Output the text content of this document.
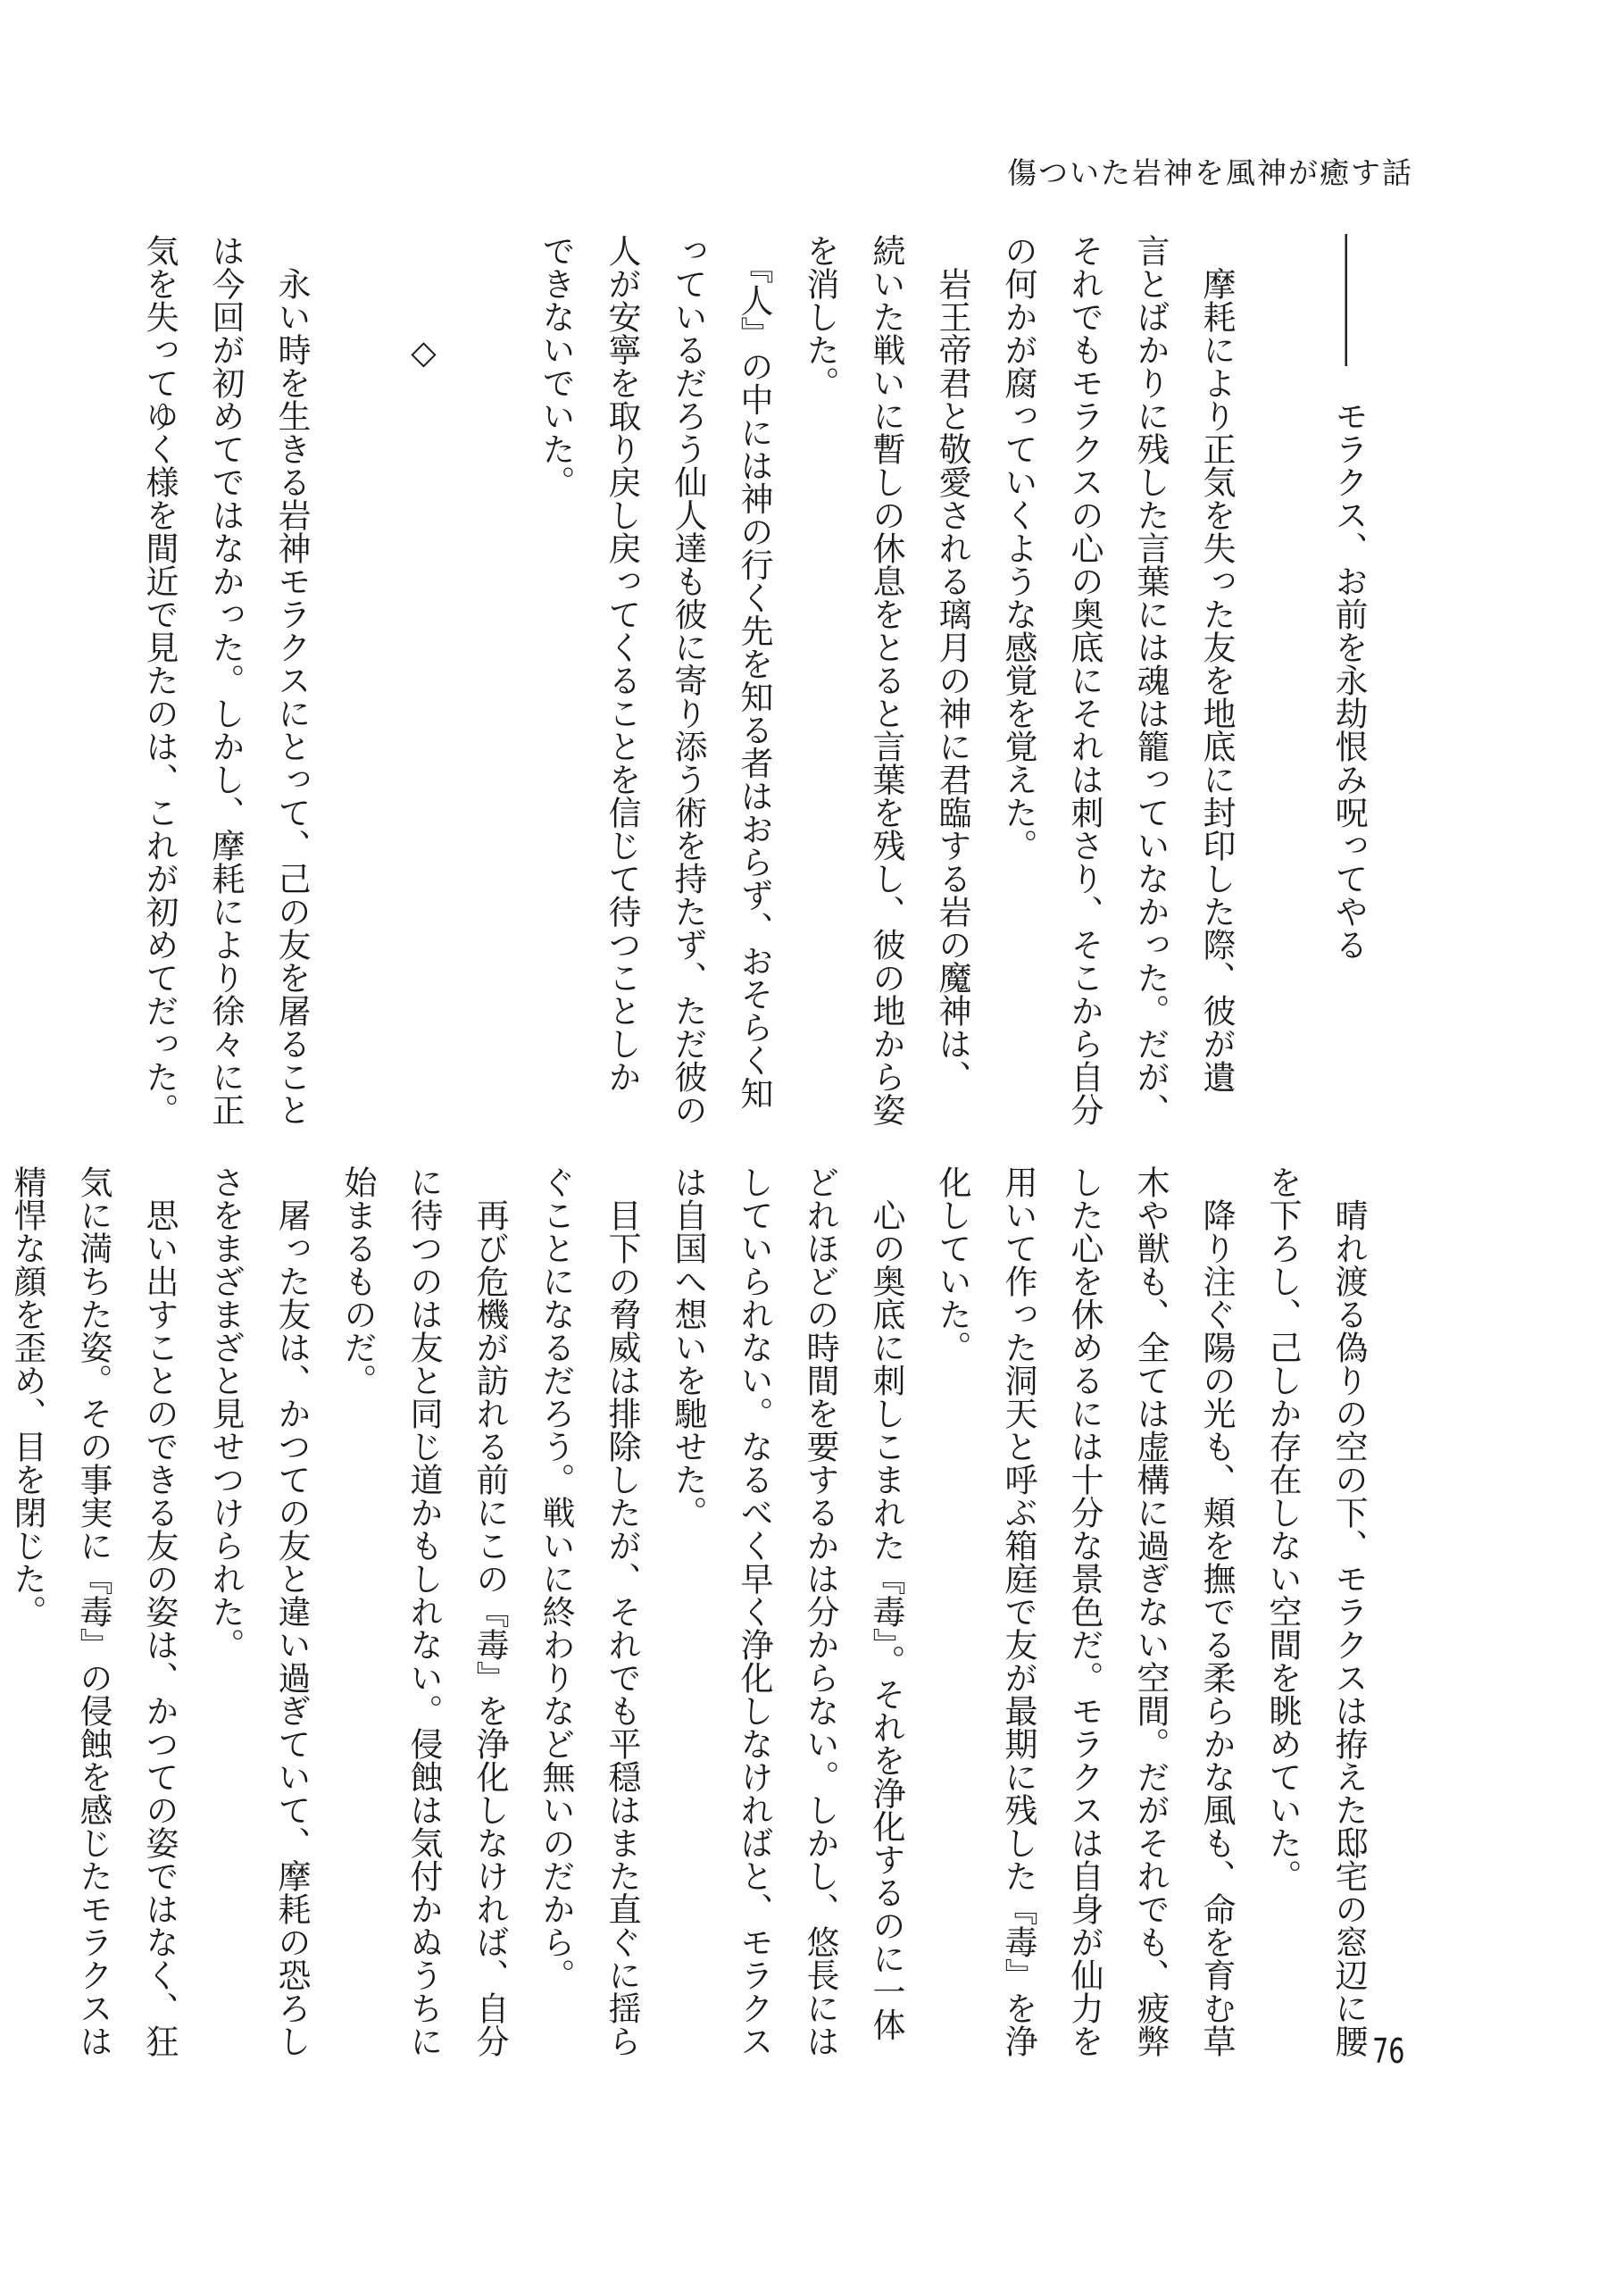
傷ついた岩神を風神が癒す話
――――　モラクス、お前を永劫恨み呪ってやる

　摩耗により正気を失った友を地底に封印した際、彼が遺
言とばかりに残した言葉には魂は籠っていなかった。だが、
それでもモラクスの心の奥底にそれは刺さり、そこから自分
の何かが腐っていくような感覚を覚えた。
　岩王帝君と敬愛される璃月の神に君臨する岩の魔神は、
続いた戦いに暫しの休息をとると言葉を残し、彼の地から姿
を消した。
　『人』の中には神の行く先を知る者はおらず、おそらく知
っているだろう仙人達も彼に寄り添う術を持たず、ただ彼の
人が安寧を取り戻し戻ってくることを信じて待つことしか
できないでいた。

　　　◇

　永い時を生きる岩神モラクスにとって、己の友を屠ること
は今回が初めてではなかった。しかし、摩耗により徐々に正
気を失ってゆく様を間近で見たのは、これが初めてだった。
　晴れ渡る偽りの空の下、モラクスは拵えた邸宅の窓辺に腰
を下ろし、己しか存在しない空間を眺めていた。
　降り注ぐ陽の光も、頬を撫でる柔らかな風も、命を育む草
木や獣も、全ては虚構に過ぎない空間。だがそれでも、疲弊
した心を休めるには十分な景色だ。モラクスは自身が仙力を
用いて作った洞天と呼ぶ箱庭で友が最期に残した『毒』を浄
化していた。
　心の奥底に刺しこまれた『毒』。それを浄化するのに一体
どれほどの時間を要するかは分からない。しかし、悠長には
していられない。なるべく早く浄化しなければと、モラクス
は自国へ想いを馳せた。
　目下の脅威は排除したが、それでも平穏はまた直ぐに揺ら
ぐことになるだろう。戦いに終わりなど無いのだから。
　再び危機が訪れる前にこの『毒』を浄化しなければ、自分
に待つのは友と同じ道かもしれない。侵蝕は気付かぬうちに
始まるものだ。
　屠った友は、かつての友と違い過ぎていて、摩耗の恐ろし
さをまざまざと見せつけられた。
　思い出すことのできる友の姿は、かつての姿ではなく、狂
気に満ちた姿。その事実に『毒』の侵蝕を感じたモラクスは
精悍な顔を歪め、目を閉じた。
76
